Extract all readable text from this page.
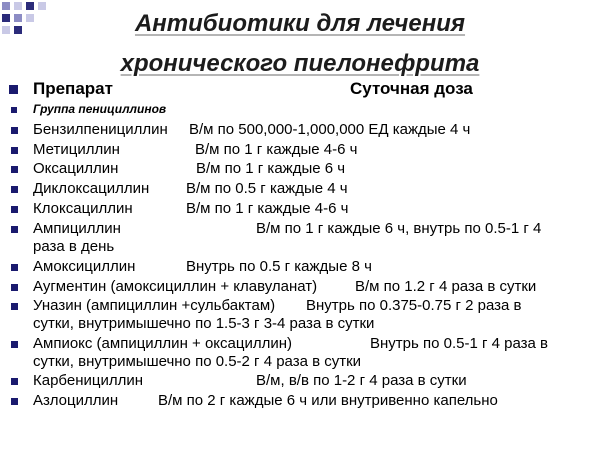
Антибиотики для лечения
хронического пиелонефрита
Препарат	Суточная доза
Группа пенициллинов
Бензилпенициллин В/м по 500,000-1,000,000 ЕД каждые 4 ч
Метициллин	В/м по 1 г каждые 4-6 ч
Оксациллин	В/м по 1 г каждые 6 ч
Диклоксациллин В/м по 0.5 г каждые 4 ч
Клоксациллин	В/м по 1 г каждые 4-6 ч
Ампициллин	В/м по 1 г каждые 6 ч, внутрь по 0.5-1 г 4
раза в день
Амоксициллин	Внутрь по 0.5 г каждые 8 ч
Аугментин (амоксициллин + клавуланат)	В/м по 1.2 г 4 раза в сутки
Уназин (ампициллин +сульбактам) Внутрь по 0.375-0.75 г 2 раза в
сутки, внутримышечно по 1.5-3 г 3-4 раза в сутки
Ампиокс (ампициллин + оксациллин)	Внутрь по 0.5-1 г 4 раза в
сутки, внутримышечно по 0.5-2 г 4 раза в сутки
Карбенициллин	В/м, в/в по 1-2 г 4 раза в сутки
Азлоциллин	В/м по 2 г каждые 6 ч или внутривенно капельно
